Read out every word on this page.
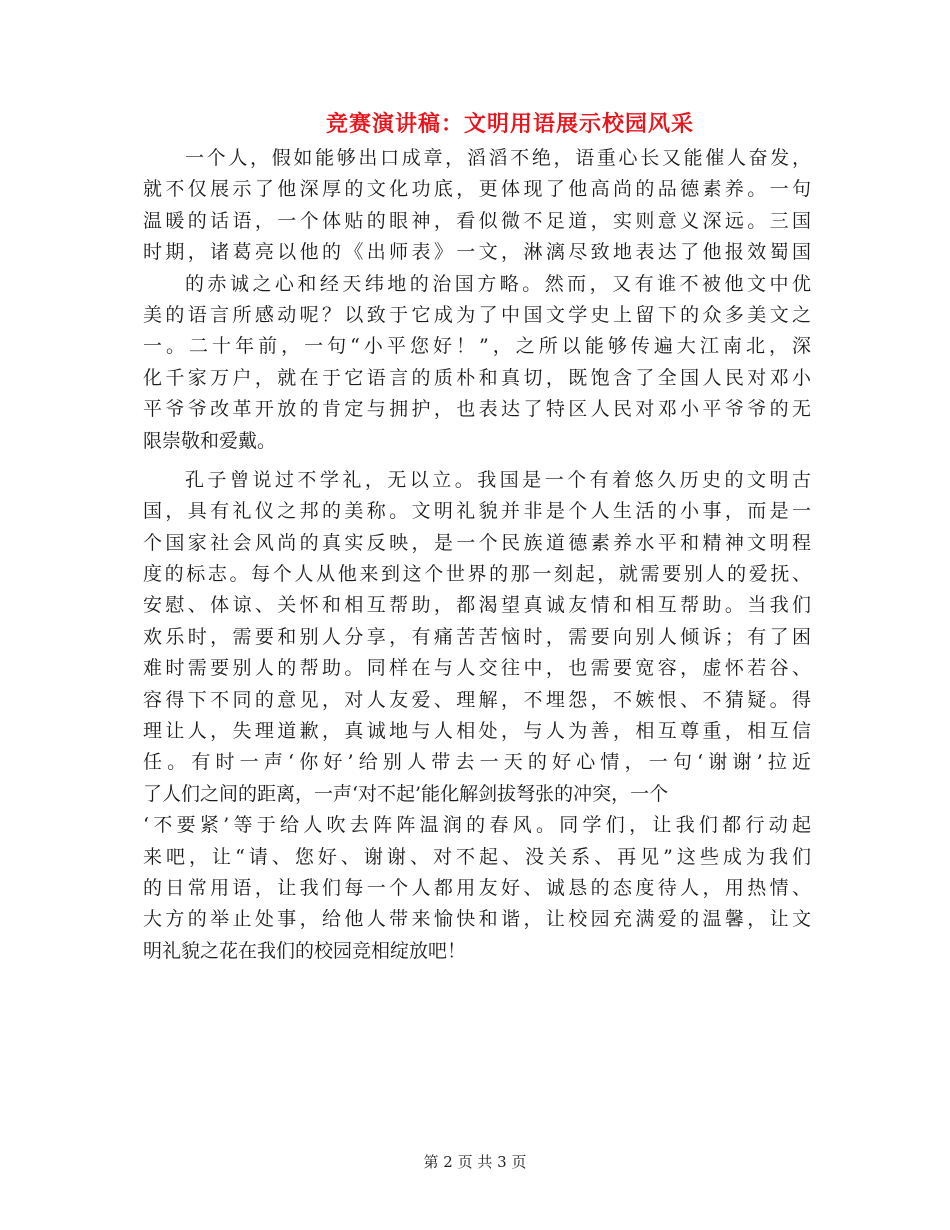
竞赛演讲稿：文明用语展示校园风采
一个人，假如能够出口成章，滔滔不绝，语重心长又能催人奋发，
就不仅展示了他深厚的文化功底，更体现了他高尚的品德素养。一句
温暖的话语，一个体贴的眼神，看似微不足道，实则意义深远。三国
时期，诸葛亮以他的《出师表》一文，淋漓尽致地表达了他报效蜀国
的赤诚之心和经天纬地的治国方略。然而，又有谁不被他文中优
美的语言所感动呢？以致于它成为了中国文学史上留下的众多美文之
一。二十年前，一句“小平您好！”，之所以能够传遍大江南北，深
化千家万户，就在于它语言的质朴和真切，既饱含了全国人民对邓小
平爷爷改革开放的肯定与拥护，也表达了特区人民对邓小平爷爷的无
限崇敬和爱戴。
孔子曾说过不学礼，无以立。我国是一个有着悠久历史的文明古
国，具有礼仪之邦的美称。文明礼貌并非是个人生活的小事，而是一
个国家社会风尚的真实反映，是一个民族道德素养水平和精神文明程
度的标志。每个人从他来到这个世界的那一刻起，就需要别人的爱抚、
安慰、体谅、关怀和相互帮助，都渴望真诚友情和相互帮助。当我们
欢乐时，需要和别人分享，有痛苦苦恼时，需要向别人倾诉；有了困
难时需要别人的帮助。同样在与人交往中，也需要宽容，虚怀若谷、
容得下不同的意见，对人友爱、理解，不埋怨，不嫉恨、不猜疑。得
理让人，失理道歉，真诚地与人相处，与人为善，相互尊重，相互信
任。有时一声‘你好’给别人带去一天的好心情，一句‘谢谢’拉近
了人们之间的距离，一声‘对不起’能化解剑拔弩张的冲突，一个
‘不要紧’等于给人吹去阵阵温润的春风。同学们，让我们都行动起
来吧，让“请、您好、谢谢、对不起、没关系、再见”这些成为我们
的日常用语，让我们每一个人都用友好、诚恳的态度待人，用热情、
大方的举止处事，给他人带来愉快和谐，让校园充满爱的温馨，让文
明礼貌之花在我们的校园竞相绽放吧！
第 2 页 共 3 页
